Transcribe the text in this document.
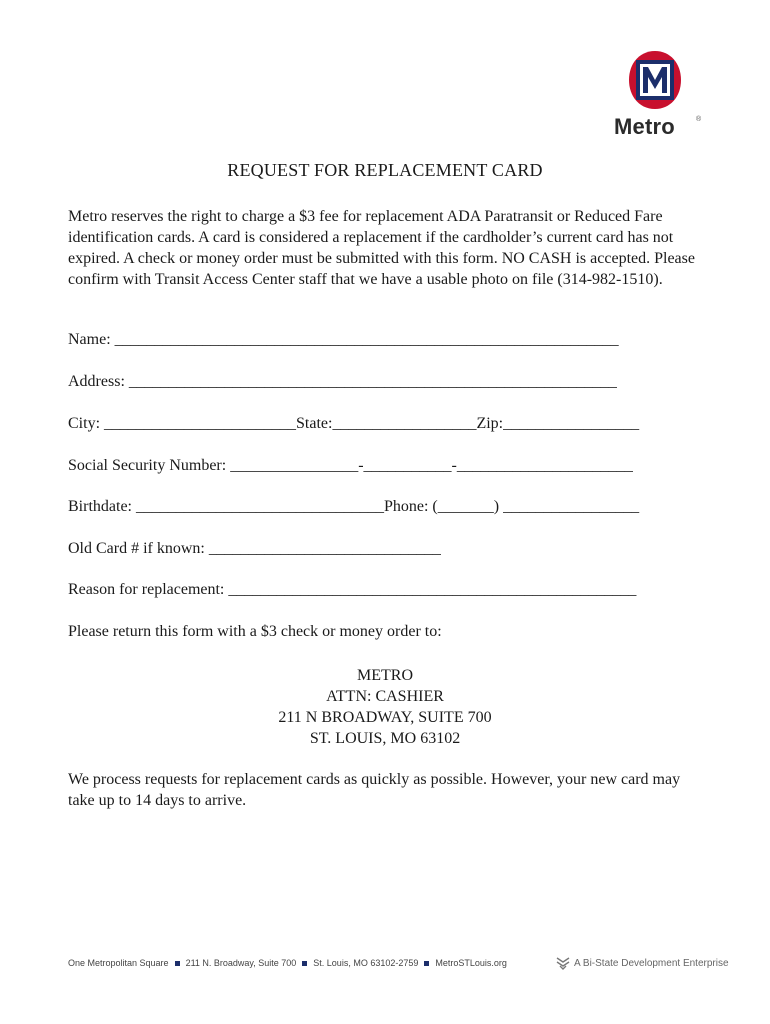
Metro	®
REQUEST FOR REPLACEMENT CARD

Metro reserves the right to charge a $3 fee for replacement ADA Paratransit or Reduced Fare identification cards. A card is considered a replacement if the cardholder’s current card has not expired. A check or money order must be submitted with this form. NO CASH is accepted. Please confirm with Transit Access Center staff that we have a usable photo on file (314-982-1510).

Name: _______________________________________________________________
Address: _____________________________________________________________
City: ________________________State:__________________Zip:_________________
Social Security Number: ________________-___________-______________________
Birthdate: _______________________________Phone: (_______) _________________
Old Card # if known: _____________________________
Reason for replacement: ___________________________________________________
Please return this form with a $3 check or money order to:
METRO
ATTN: CASHIER
211 N BROADWAY, SUITE 700
ST. LOUIS, MO 63102

We process requests for replacement cards as quickly as possible. However, your new card may take up to 14 days to arrive.

One Metropolitan Square 211 N. Broadway, Suite 700 St. Louis, MO 63102-2759 MetroSTLouis.org	A Bi-State Development Enterprise
